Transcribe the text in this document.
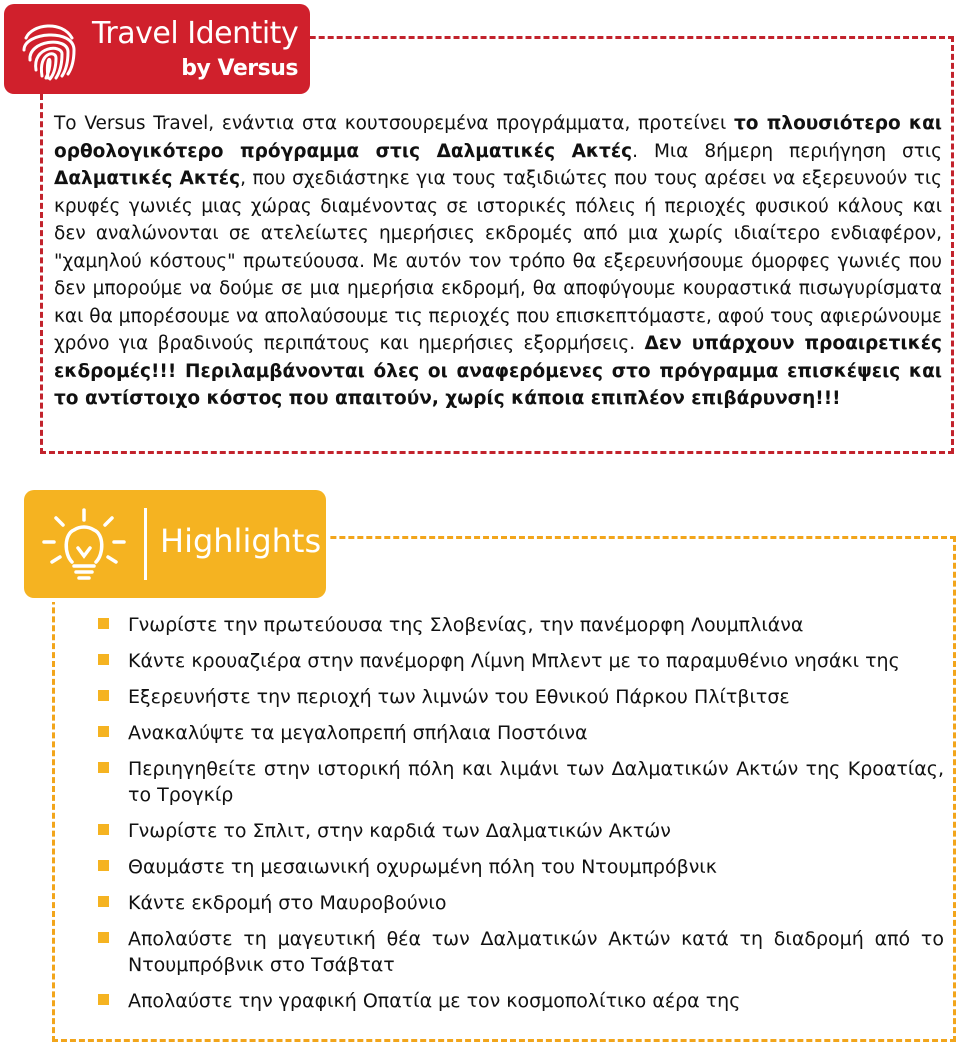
Travel Identity
by Versus
Το Versus Travel, ενάντια στα κουτσουρεμένα προγράμματα, προτείνει το πλουσιότερο και ορθολογικότερο πρόγραμμα στις Δαλματικές Ακτές. Μια 8ήμερη περιήγηση στις Δαλματικές Ακτές, που σχεδιάστηκε για τους ταξιδιώτες που τους αρέσει να εξερευνούν τις κρυφές γωνιές μιας χώρας διαμένοντας σε ιστορικές πόλεις ή περιοχές φυσικού κάλους και δεν αναλώνονται σε ατελείωτες ημερήσιες εκδρομές από μια χωρίς ιδιαίτερο ενδιαφέρον, "χαμηλού κόστους" πρωτεύουσα. Με αυτόν τον τρόπο θα εξερευνήσουμε όμορφες γωνιές που δεν μπορούμε να δούμε σε μια ημερήσια εκδρομή, θα αποφύγουμε κουραστικά πισωγυρίσματα και θα μπορέσουμε να απολαύσουμε τις περιοχές που επισκεπτόμαστε, αφού τους αφιερώνουμε χρόνο για βραδινούς περιπάτους και ημερήσιες εξορμήσεις. Δεν υπάρχουν προαιρετικές εκδρομές!!! Περιλαμβάνονται όλες οι αναφερόμενες στο πρόγραμμα επισκέψεις και το αντίστοιχο κόστος που απαιτούν, χωρίς κάποια επιπλέον επιβάρυνση!!!
Highlights
Γνωρίστε την πρωτεύουσα της Σλοβενίας, την πανέμορφη Λουμπλιάνα
Κάντε κρουαζιέρα στην πανέμορφη Λίμνη Μπλεντ με το παραμυθένιο νησάκι της
Εξερευνήστε την περιοχή των λιμνών του Εθνικού Πάρκου Πλίτβιτσε
Ανακαλύψτε τα μεγαλοπρεπή σπήλαια Ποστόινα
Περιηγηθείτε στην ιστορική πόλη και λιμάνι των Δαλματικών Ακτών της Κροατίας, το Τρογκίρ
Γνωρίστε το Σπλιτ, στην καρδιά των Δαλματικών Ακτών
Θαυμάστε τη μεσαιωνική οχυρωμένη πόλη του Ντουμπρόβνικ
Κάντε εκδρομή στο Μαυροβούνιο
Απολαύστε τη μαγευτική θέα των Δαλματικών Ακτών κατά τη διαδρομή από το Ντουμπρόβνικ στο Τσάβτατ
Απολαύστε την γραφική Οπατία με τον κοσμοπολίτικο αέρα της
